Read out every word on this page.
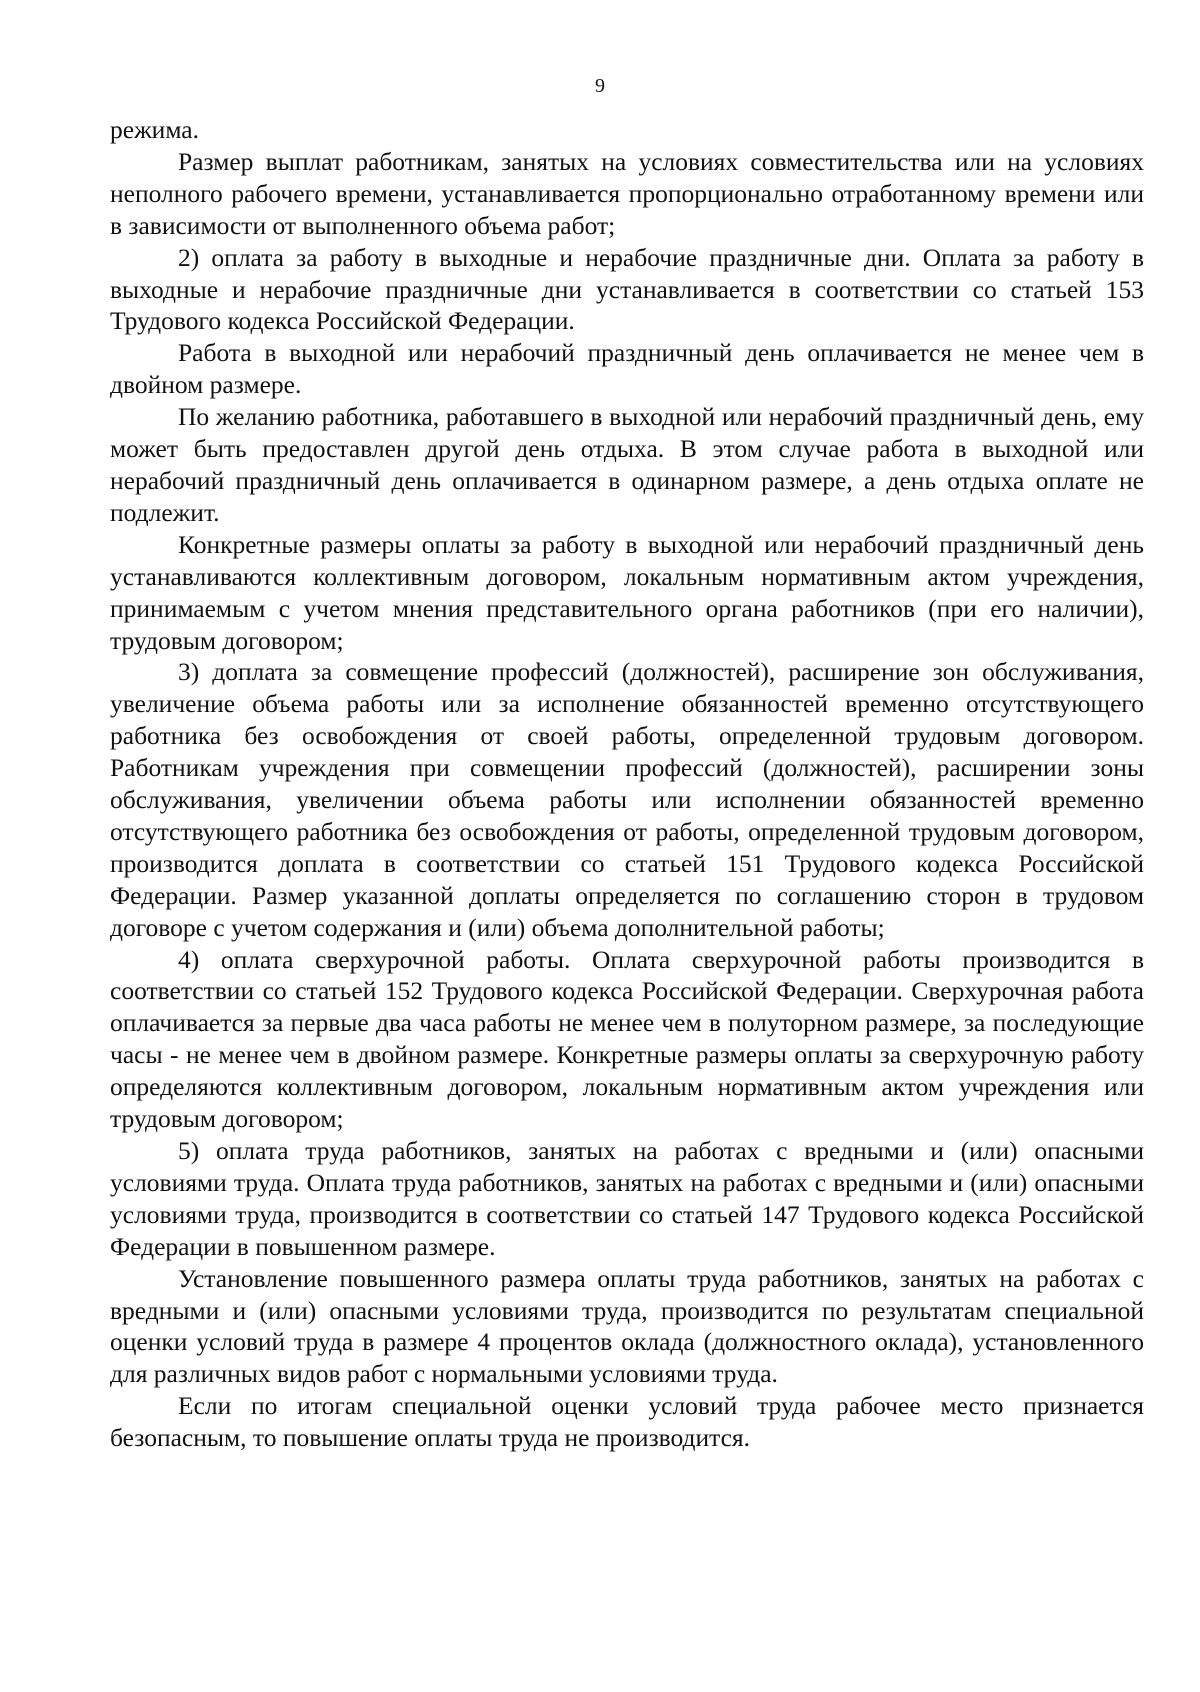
9

режима.

Размер выплат работникам, занятых на условиях совместительства или на условиях неполного рабочего времени, устанавливается пропорционально отработанному времени или в зависимости от выполненного объема работ;

2) оплата за работу в выходные и нерабочие праздничные дни. Оплата за работу в выходные и нерабочие праздничные дни устанавливается в соответствии со статьей 153 Трудового кодекса Российской Федерации.

Работа в выходной или нерабочий праздничный день оплачивается не менее чем в двойном размере.

По желанию работника, работавшего в выходной или нерабочий праздничный день, ему может быть предоставлен другой день отдыха. В этом случае работа в выходной или нерабочий праздничный день оплачивается в одинарном размере, а день отдыха оплате не подлежит.

Конкретные размеры оплаты за работу в выходной или нерабочий праздничный день устанавливаются коллективным договором, локальным нормативным актом учреждения, принимаемым с учетом мнения представительного органа работников (при его наличии), трудовым договором;

3) доплата за совмещение профессий (должностей), расширение зон обслуживания, увеличение объема работы или за исполнение обязанностей временно отсутствующего работника без освобождения от своей работы, определенной трудовым договором. Работникам учреждения при совмещении профессий (должностей), расширении зоны обслуживания, увеличении объема работы или исполнении обязанностей временно отсутствующего работника без освобождения от работы, определенной трудовым договором, производится доплата в соответствии со статьей 151 Трудового кодекса Российской Федерации. Размер указанной доплаты определяется по соглашению сторон в трудовом договоре с учетом содержания и (или) объема дополнительной работы;

4) оплата сверхурочной работы. Оплата сверхурочной работы производится в соответствии со статьей 152 Трудового кодекса Российской Федерации. Сверхурочная работа оплачивается за первые два часа работы не менее чем в полуторном размере, за последующие часы - не менее чем в двойном размере. Конкретные размеры оплаты за сверхурочную работу определяются коллективным договором, локальным нормативным актом учреждения или трудовым договором;

5) оплата труда работников, занятых на работах с вредными и (или) опасными условиями труда. Оплата труда работников, занятых на работах с вредными и (или) опасными условиями труда, производится в соответствии со статьей 147 Трудового кодекса Российской Федерации в повышенном размере.

Установление повышенного размера оплаты труда работников, занятых на работах с вредными и (или) опасными условиями труда, производится по результатам специальной оценки условий труда в размере 4 процентов оклада (должностного оклада), установленного для различных видов работ с нормальными условиями труда.

Если по итогам специальной оценки условий труда рабочее место признается безопасным, то повышение оплаты труда не производится.
